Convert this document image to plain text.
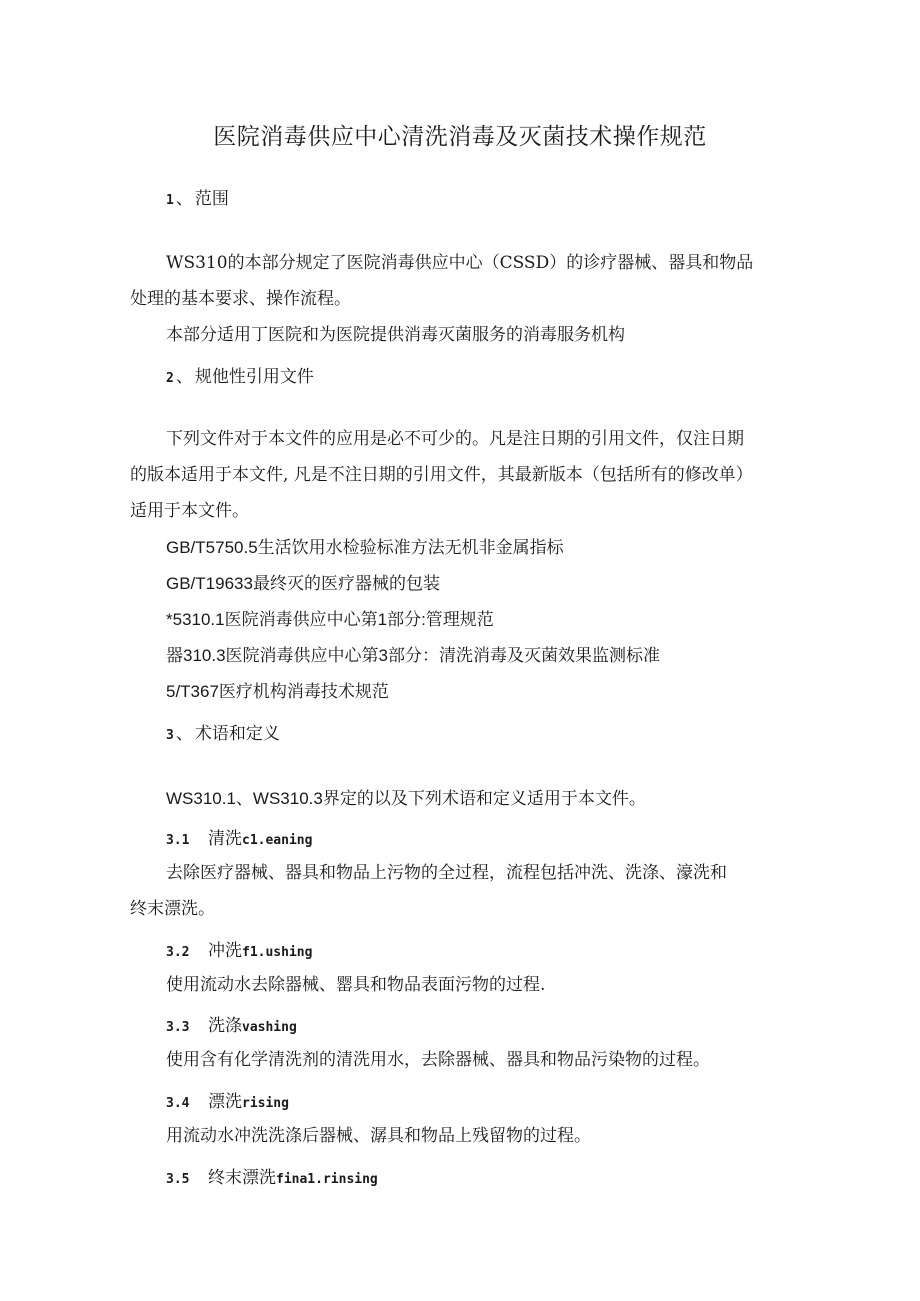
医院消毒供应中心清洗消毒及灭菌技术操作规范
1 、 范围
WS310的本部分规定了医院消毒供应中心（CSSD）的诊疗器械、器具和物品
处理的基本要求、操作流程。
本部分适用丁医院和为医院提供消毒灭菌服务的消毒服务机构
2 、 规他性引用文件
下列文件对于本文件的应用是必不可少的。凡是注日期的引用文件，仅注日期
的版本适用于本文件, 凡是不注日期的引用文件，其最新版本（包括所有的修改单）
适用于本文件。
GB/T5750.5生活饮用水检验标准方法无机非金属指标
GB/T19633最终灭的医疗器械的包装
*5310.1医院消毒供应中心第1部分:管理规范
器310.3医院消毒供应中心第3部分：清洗消毒及灭菌效果监测标准
5/T367医疗机构消毒技术规范
3 、 术语和定义
WS310.1、WS310.3界定的以及下列术语和定义适用于本文件。
3.1 清洗c1.eaning
去除医疗器械、器具和物品上污物的全过程，流程包括冲洗、洗涤、濠洗和
终末漂洗。
3.2 冲洗f1.ushing
使用流动水去除器械、罂具和物品表面污物的过程.
3.3 洗涤vashing
使用含有化学清洗剂的清洗用水，去除器械、器具和物品污染物的过程。
3.4 漂洗rising
用流动水冲洗洗涤后器械、潺具和物品上残留物的过程。
3.5 终末漂洗fina1.rinsing
